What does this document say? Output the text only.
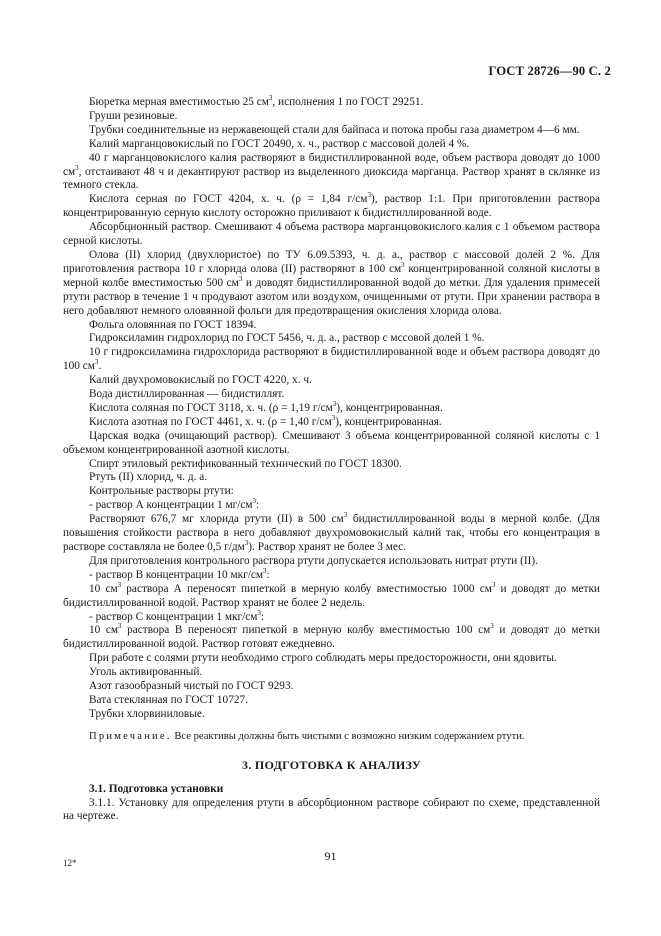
ГОСТ 28726—90 С. 2

Бюретка мерная вместимостью 25 $см^3$, исполнения 1 по ГОСТ 29251.

Груши резиновые.

Трубки соединительные из нержавеющей стали для байпаса и потока пробы газа диаметром 4—6 мм.

Калий марганцовокислый по ГОСТ 20490, х. ч., раствор с массовой долей 4 %.

40 г марганцовокислого калия растворяют в бидистиллированной воде, объем раствора доводят до 1000 $см^3$, отстаивают 48 ч и декантируют раствор из выделенного диоксида марганца. Раствор хранят в склянке из темного стекла.

Кислота серная по ГОСТ 4204, х. ч. (ρ = 1,84 $г/см^3$), раствор 1:1. При приготовлении раствора концентрированную серную кислоту осторожно приливают к бидистиллированной воде.

Абсорбционный раствор. Смешивают 4 объема раствора марганцовокислого калия с 1 объемом раствора серной кислоты.

Олова (II) хлорид (двухлористое) по ТУ 6.09.5393, ч. д. а., раствор с массовой долей 2 %. Для приготовления раствора 10 г хлорида олова (II) растворяют в 100 $см^3$ концентрированной соляной кислоты в мерной колбе вместимостью 500 $см^3$ и доводят бидистиллированной водой до метки. Для удаления примесей ртути раствор в течение 1 ч продувают азотом или воздухом, очищенными от ртути. При хранении раствора в него добавляют немного оловянной фольги для предотвращения окисления хлорида олова.

Фольга оловянная по ГОСТ 18394.

Гидроксиламин гидрохлорид по ГОСТ 5456, ч. д. а., раствор с мссовой долей 1 %.

10 г гидроксиламина гидрохлорида растворяют в бидистиллированной воде и объем раствора доводят до 100 $см^3$.

Калий двухромовокислый по ГОСТ 4220, х. ч.

Вода дистиллированная — бидистиллят.

Кислота соляная по ГОСТ 3118, х. ч. (ρ = 1,19 $г/см^3$), концентрированная.

Кислота азотная по ГОСТ 4461, х. ч. (ρ = 1,40 $г/см^3$), концентрированная.

Царская водка (очищающий раствор). Смешивают 3 объема концентрированной соляной кислоты с 1 объемом концентрированной азотной кислоты.

Спирт этиловый ректификованный технический по ГОСТ 18300.

Ртуть (II) хлорид, ч. д. а.

Контрольные растворы ртути:

- раствор А концентрации 1 $мг/см^3$:

Растворяют 676,7 мг хлорида ртути (II) в 500 $см^3$ бидистиллированной воды в мерной колбе. (Для повышения стойкости раствора в него добавляют двухромовокислый калий так, чтобы его концентрация в растворе составляла не более 0,5 $г/дм^3$). Раствор хранят не более 3 мес.

Для приготовления контрольного раствора ртути допускается использовать нитрат ртути (II).

- раствор В концентрации 10 мкг/$см^3$:

10 $см^3$ раствора А переносят пипеткой в мерную колбу вместимостью 1000 $см^3$ и доводят до метки бидистиллированной водой. Раствор хранят не более 2 недель.

- раствор С концентрации 1 мкг/$см^3$:

10 $см^3$ раствора В переносят пипеткой в мерную колбу вместимостью 100 $см^3$ и доводят до метки бидистиллированной водой. Раствор готовят ежедневно.

При работе с солями ртути необходимо строго соблюдать меры предосторожности, они ядовиты.

Уголь активированный.

Азот газообразный чистый по ГОСТ 9293.

Вата стеклянная по ГОСТ 10727.

Трубки хлорвиниловые.

Примечание. Все реактивы должны быть чистыми с возможно низким содержанием ртути.

3. ПОДГОТОВКА К АНАЛИЗУ

3.1. Подготовка установки

3.1.1. Установку для определения ртути в абсорбционном растворе собирают по схеме, представленной на чертеже.

12*	91
